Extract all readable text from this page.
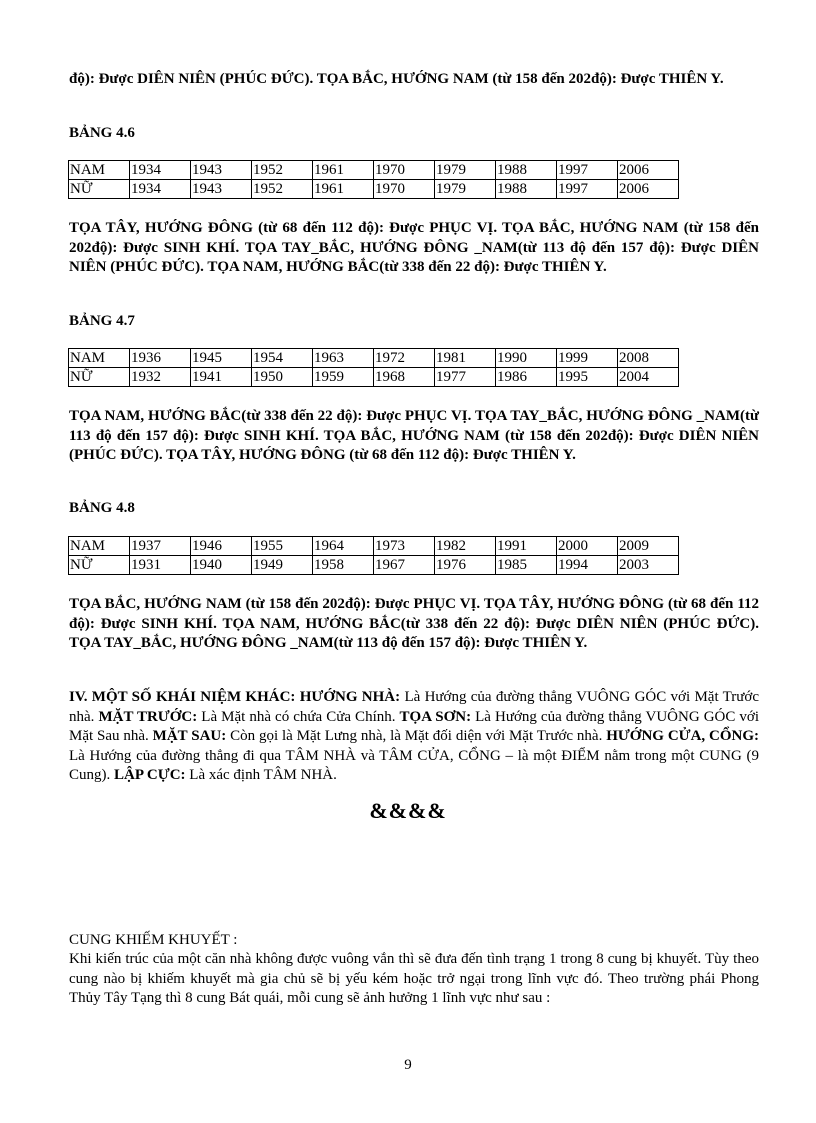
độ): Được DIÊN NIÊN (PHÚC ĐỨC). TỌA BẮC, HƯỚNG NAM (từ 158 đến 202độ): Được THIÊN Y.
BẢNG 4.6
NAM	1934	1943	1952	1961	1970	1979	1988	1997	2006
NỮ	1934	1943	1952	1961	1970	1979	1988	1997	2006
TỌA TÂY, HƯỚNG ĐÔNG (từ 68 đến 112 độ): Được PHỤC VỊ. TỌA BẮC, HƯỚNG NAM (từ 158 đến 202độ): Được SINH KHÍ. TỌA TAY_BẮC, HƯỚNG ĐÔNG _NAM(từ 113 độ đến 157 độ): Được DIÊN NIÊN (PHÚC ĐỨC). TỌA NAM, HƯỚNG BẮC(từ 338 đến 22 độ): Được THIÊN Y.
BẢNG 4.7
NAM	1936	1945	1954	1963	1972	1981	1990	1999	2008
NỮ	1932	1941	1950	1959	1968	1977	1986	1995	2004
TỌA NAM, HƯỚNG BẮC(từ 338 đến 22 độ): Được PHỤC VỊ. TỌA TAY_BẮC, HƯỚNG ĐÔNG _NAM(từ 113 độ đến 157 độ): Được SINH KHÍ. TỌA BẮC, HƯỚNG NAM (từ 158 đến 202độ): Được DIÊN NIÊN (PHÚC ĐỨC). TỌA TÂY, HƯỚNG ĐÔNG (từ 68 đến 112 độ): Được THIÊN Y.
BẢNG 4.8
NAM	1937	1946	1955	1964	1973	1982	1991	2000	2009
NỮ	1931	1940	1949	1958	1967	1976	1985	1994	2003
TỌA BẮC, HƯỚNG NAM (từ 158 đến 202độ): Được PHỤC VỊ. TỌA TÂY, HƯỚNG ĐÔNG (từ 68 đến 112 độ): Được SINH KHÍ. TỌA NAM, HƯỚNG BẮC(từ 338 đến 22 độ): Được DIÊN NIÊN (PHÚC ĐỨC). TỌA TAY_BẮC, HƯỚNG ĐÔNG _NAM(từ 113 độ đến 157 độ): Được THIÊN Y.
IV. MỘT SỐ KHÁI NIỆM KHÁC: HƯỚNG NHÀ: Là Hướng của đường thẳng VUÔNG GÓC với Mặt Trước nhà. MẶT TRƯỚC: Là Mặt nhà có chứa Cửa Chính. TỌA SƠN: Là Hướng của đường thẳng VUÔNG GÓC với Mặt Sau nhà. MẶT SAU: Còn gọi là Mặt Lưng nhà, là Mặt đối diện với Mặt Trước nhà. HƯỚNG CỬA, CỔNG: Là Hướng của đường thẳng đi qua TÂM NHÀ và TÂM CỬA, CỔNG – là một ĐIỂM nằm trong một CUNG (9 Cung). LẬP CỰC: Là xác định TÂM NHÀ.
&&&&
CUNG KHIẾM KHUYẾT :
Khi kiến trúc của một căn nhà không được vuông vắn thì sẽ đưa đến tình trạng 1 trong 8 cung bị khuyết. Tùy theo cung nào bị khiếm khuyết mà gia chủ sẽ bị yếu kém hoặc trở ngại trong lĩnh vực đó. Theo trường phái Phong Thủy Tây Tạng thì 8 cung Bát quái, mỗi cung sẽ ảnh hưởng 1 lĩnh vực như sau :
9
